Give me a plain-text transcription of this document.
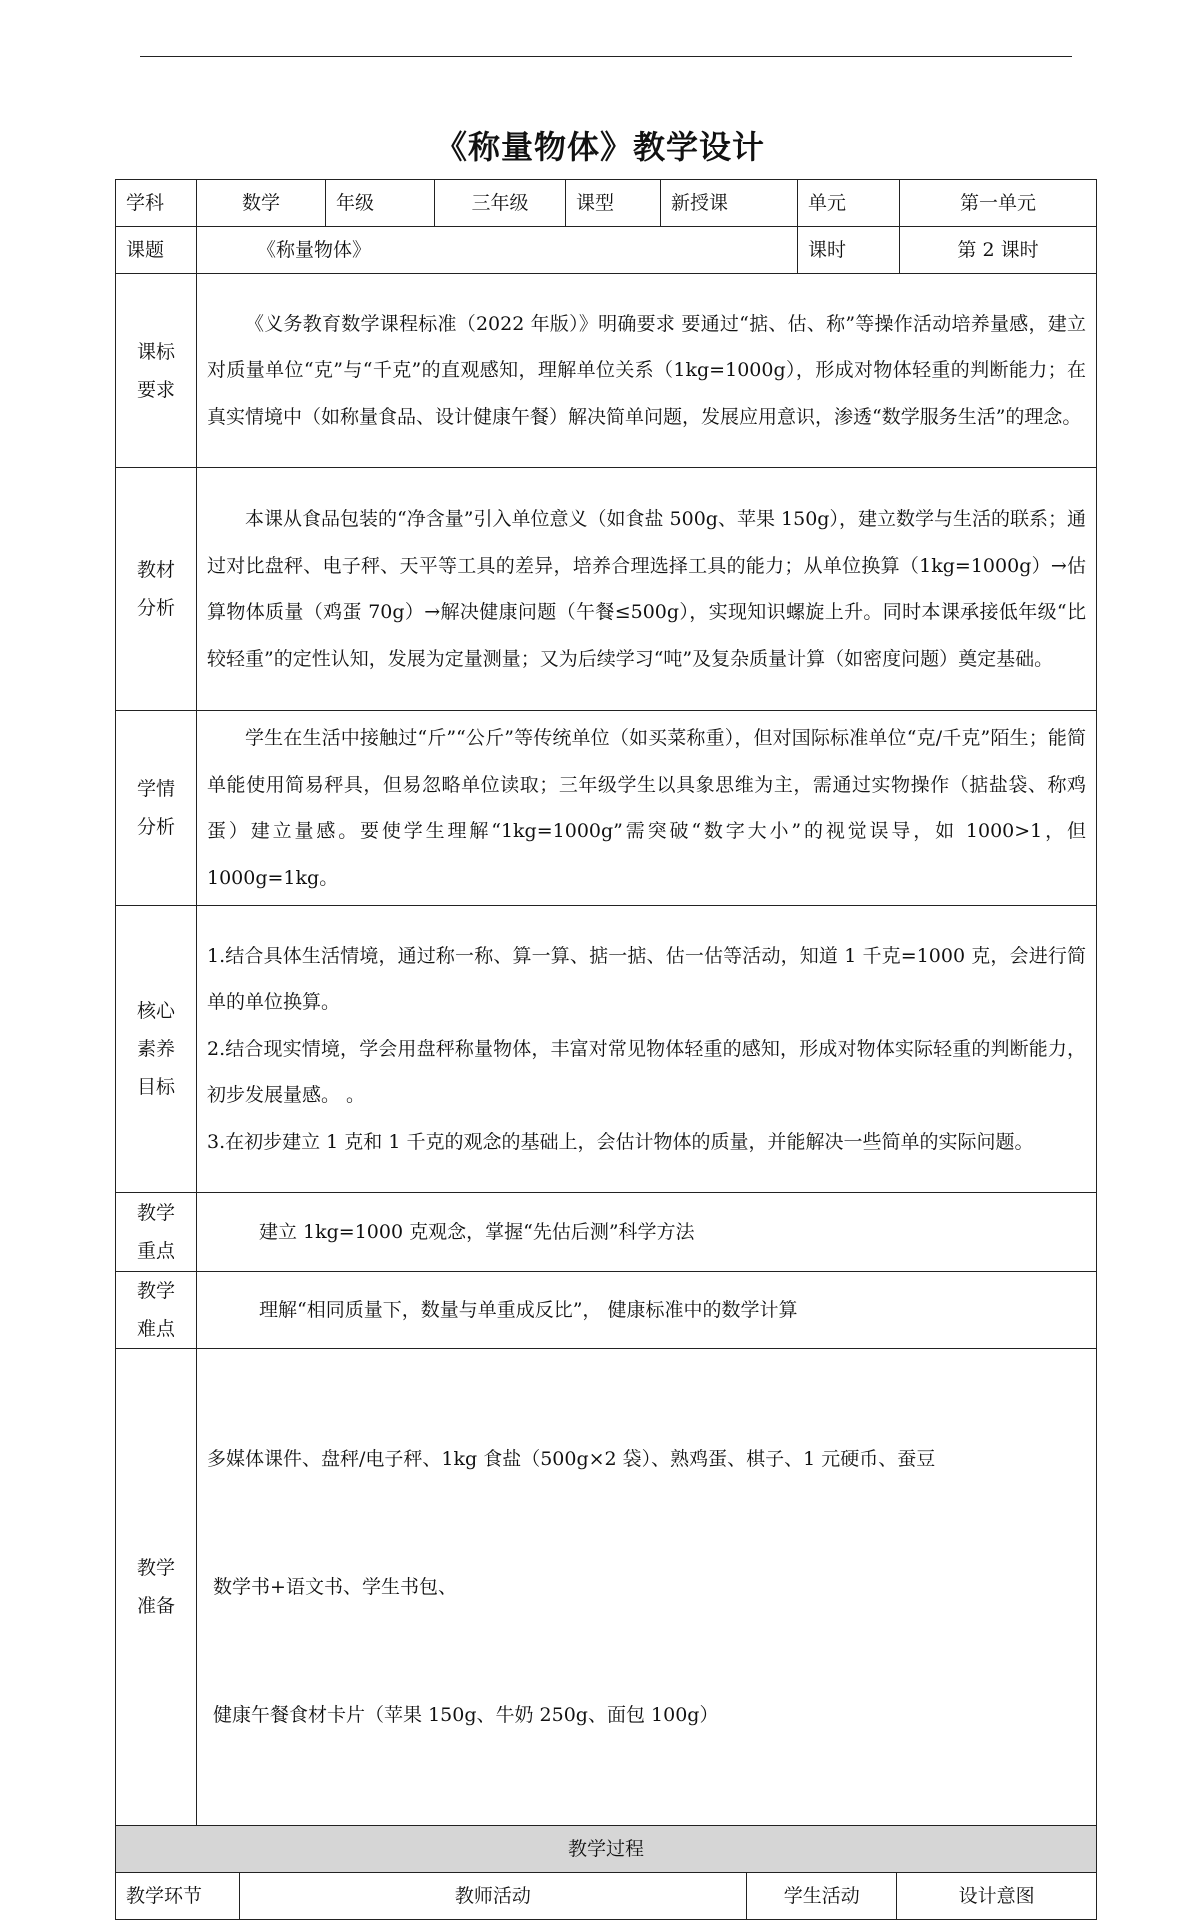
《称量物体》教学设计
学科	数学	年级	三年级	课型	新授课	单元	第一单元
课题	《称量物体》	课时	第 2 课时

课标
要求
	《义务教育数学课程标准（2022 年版）》明确要求 要通过“掂、估、称”等操作活动培养量感，建立对质量单位“克”与“千克”的直观感知，理解单位关系（1kg=1000g），形成对物体轻重的判断能力；在真实情境中（如称量食品、设计健康午餐）解决简单问题，发展应用意识，渗透“数学服务生活”的理念。

教材
分析
	本课从食品包装的“净含量”引入单位意义（如食盐 500g、苹果 150g），建立数学与生活的联系；通过对比盘秤、电子秤、天平等工具的差异，培养合理选择工具的能力；从单位换算（1kg=1000g）→估算物体质量（鸡蛋 70g）→解决健康问题（午餐≤500g），实现知识螺旋上升。同时本课承接低年级“比较轻重”的定性认知，发展为定量测量；又为后续学习“吨”及复杂质量计算（如密度问题）奠定基础。

学情
分析
	学生在生活中接触过“斤”“公斤”等传统单位（如买菜称重），但对国际标准单位“克/千克”陌生；能简单能使用简易秤具，但易忽略单位读取；三年级学生以具象思维为主，需通过实物操作（掂盐袋、称鸡蛋）建立量感。要使学生理解“1kg=1000g”需突破“数字大小”的视觉误导，如 1000>1，但 1000g=1kg。

核心
素养
目标

1.结合具体生活情境，通过称一称、算一算、掂一掂、估一估等活动，知道 1 千克=1000 克，会进行简单的单位换算。

2.结合现实情境，学会用盘秤称量物体，丰富对常见物体轻重的感知，形成对物体实际轻重的判断能力，初步发展量感。 。

3.在初步建立 1 克和 1 千克的观念的基础上，会估计物体的质量，并能解决一些简单的实际问题。

教学
重点
	建立 1kg=1000 克观念，掌握“先估后测”科学方法

教学
难点
	理解“相同质量下，数量与单重成反比”， 健康标准中的数学计算

教学
准备

多媒体课件、盘秤/电子秤、1kg 食盐（500g×2 袋）、熟鸡蛋、棋子、1 元硬币、蚕豆

数学书+语文书、学生书包、

健康午餐食材卡片（苹果 150g、牛奶 250g、面包 100g）

教学过程

教学环节	教师活动	学生活动	设计意图
